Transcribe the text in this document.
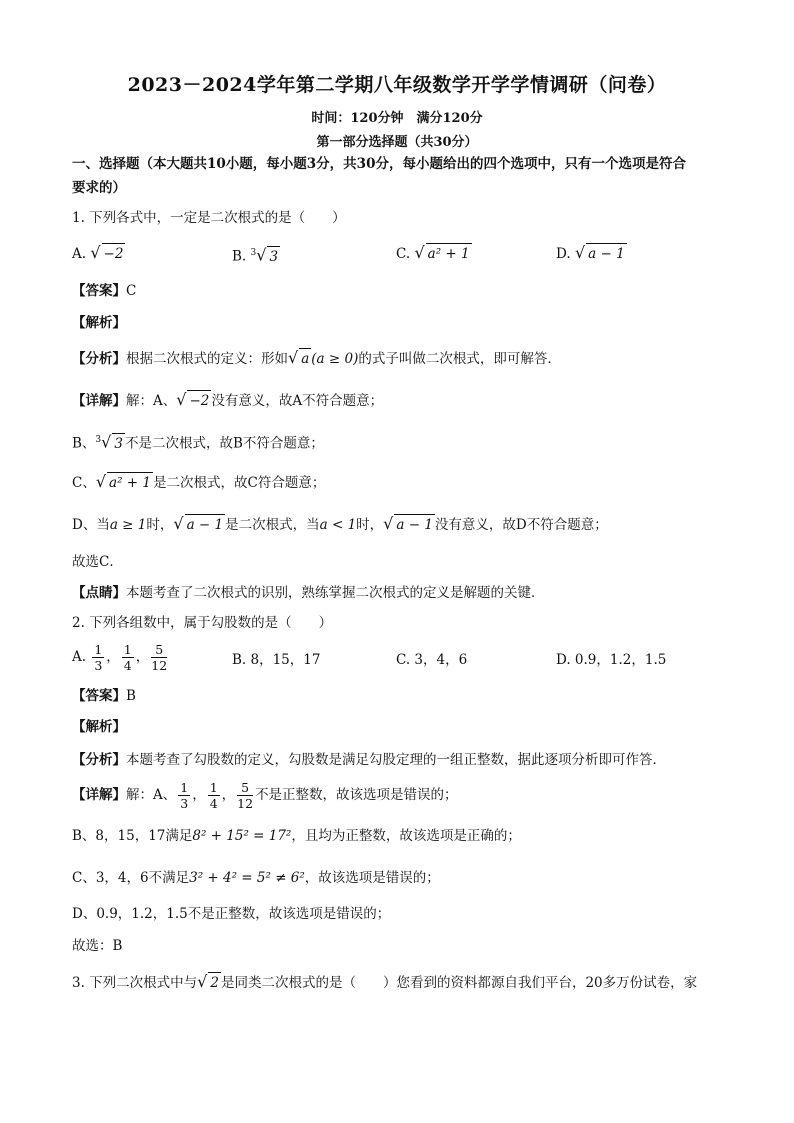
2023－2024学年第二学期八年级数学开学学情调研（问卷）
时间：120分钟　满分120分
第一部分选择题（共30分）
一、选择题（本大题共10小题，每小题3分，共30分，每小题给出的四个选项中，只有一个选项是符合
要求的）
1. 下列各式中，一定是二次根式的是（　　）
A. √ −2	B. $^3$√ 3	C. √ a² + 1	D. √ a − 1
【答案】C
【解析】
【分析】根据二次根式的定义：形如√ a (a ≥ 0)的式子叫做二次根式，即可解答．
【详解】解：A、√ −2 没有意义，故A不符合题意；
B、$^3$√ 3 不是二次根式，故B不符合题意；
C、√ a² + 1 是二次根式，故C符合题意；
D、当a ≥ 1时，√ a − 1 是二次根式，当a < 1时，√ a − 1 没有意义，故D不符合题意；
故选C．
【点睛】本题考查了二次根式的识别，熟练掌握二次根式的定义是解题的关键．
2. 下列各组数中，属于勾股数的是（　　）
A. $\frac{1}{3}$ ， $\frac{1}{4}$ ， $\frac{5}{12}$	B. 8，15，17	C. 3，4，6	D. 0.9，1.2，1.5
【答案】B
【解析】
【分析】本题考查了勾股数的定义，勾股数是满足勾股定理的一组正整数，据此逐项分析即可作答．
【详解】解：A、 $\frac{1}{3}$ ， $\frac{1}{4}$ ， $\frac{5}{12}$ 不是正整数，故该选项是错误的；
B、8，15，17满足8² + 15² = 17²，且均为正整数，故该选项是正确的；
C、3，4，6不满足3² + 4² = 5² ≠ 6²，故该选项是错误的；
D、0.9，1.2，1.5不是正整数，故该选项是错误的；
故选：B
3. 下列二次根式中与√ 2 是同类二次根式的是（　　）您看到的资料都源自我们平台，20多万份试卷，家
